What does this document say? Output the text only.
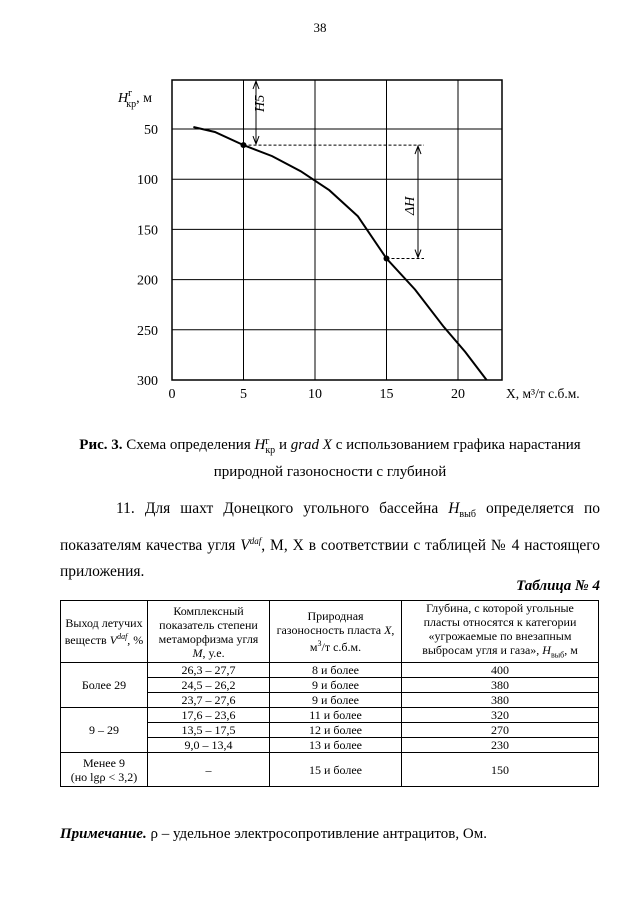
38
H5
ΔH
50
100
150
200
250
300
0	5	10	15	20	X, м³/т с.б.м.
$Н^г$ кр, м
Рис. 3. Схема определения Н г
кр и grad X с использованием графика нарастания
природной газоносности с глубиной
11. Для шахт Донецкого угольного бассейна $Н_{выб}$ определяется по показателям качества угля $V^{daf}$, M, X в соответствии с таблицей № 4 настоящего приложения.
Таблица № 4
Выход летучих
веществ $V^{daf}$, %	Комплексный
показатель степени
метаморфизма угля
M, у.е.	Природная
газоносность пласта X,
$м^3/т$ с.б.м.	Глубина, с которой угольные
пласты относятся к категории
«угрожаемые по внезапным
выбросам угля и газа», $Н_{выб}$, м
Более 29	26,3 – 27,7	8 и более	400
	24,5 – 26,2	9 и более	380
	23,7 – 27,6	9 и более	380
9 – 29	17,6 – 23,6	11 и более	320
	13,5 – 17,5	12 и более	270
	9,0 – 13,4	13 и более	230
Менее 9
(но lgρ < 3,2)	–	15 и более	150
Примечание. ρ – удельное электросопротивление антрацитов, Ом.
